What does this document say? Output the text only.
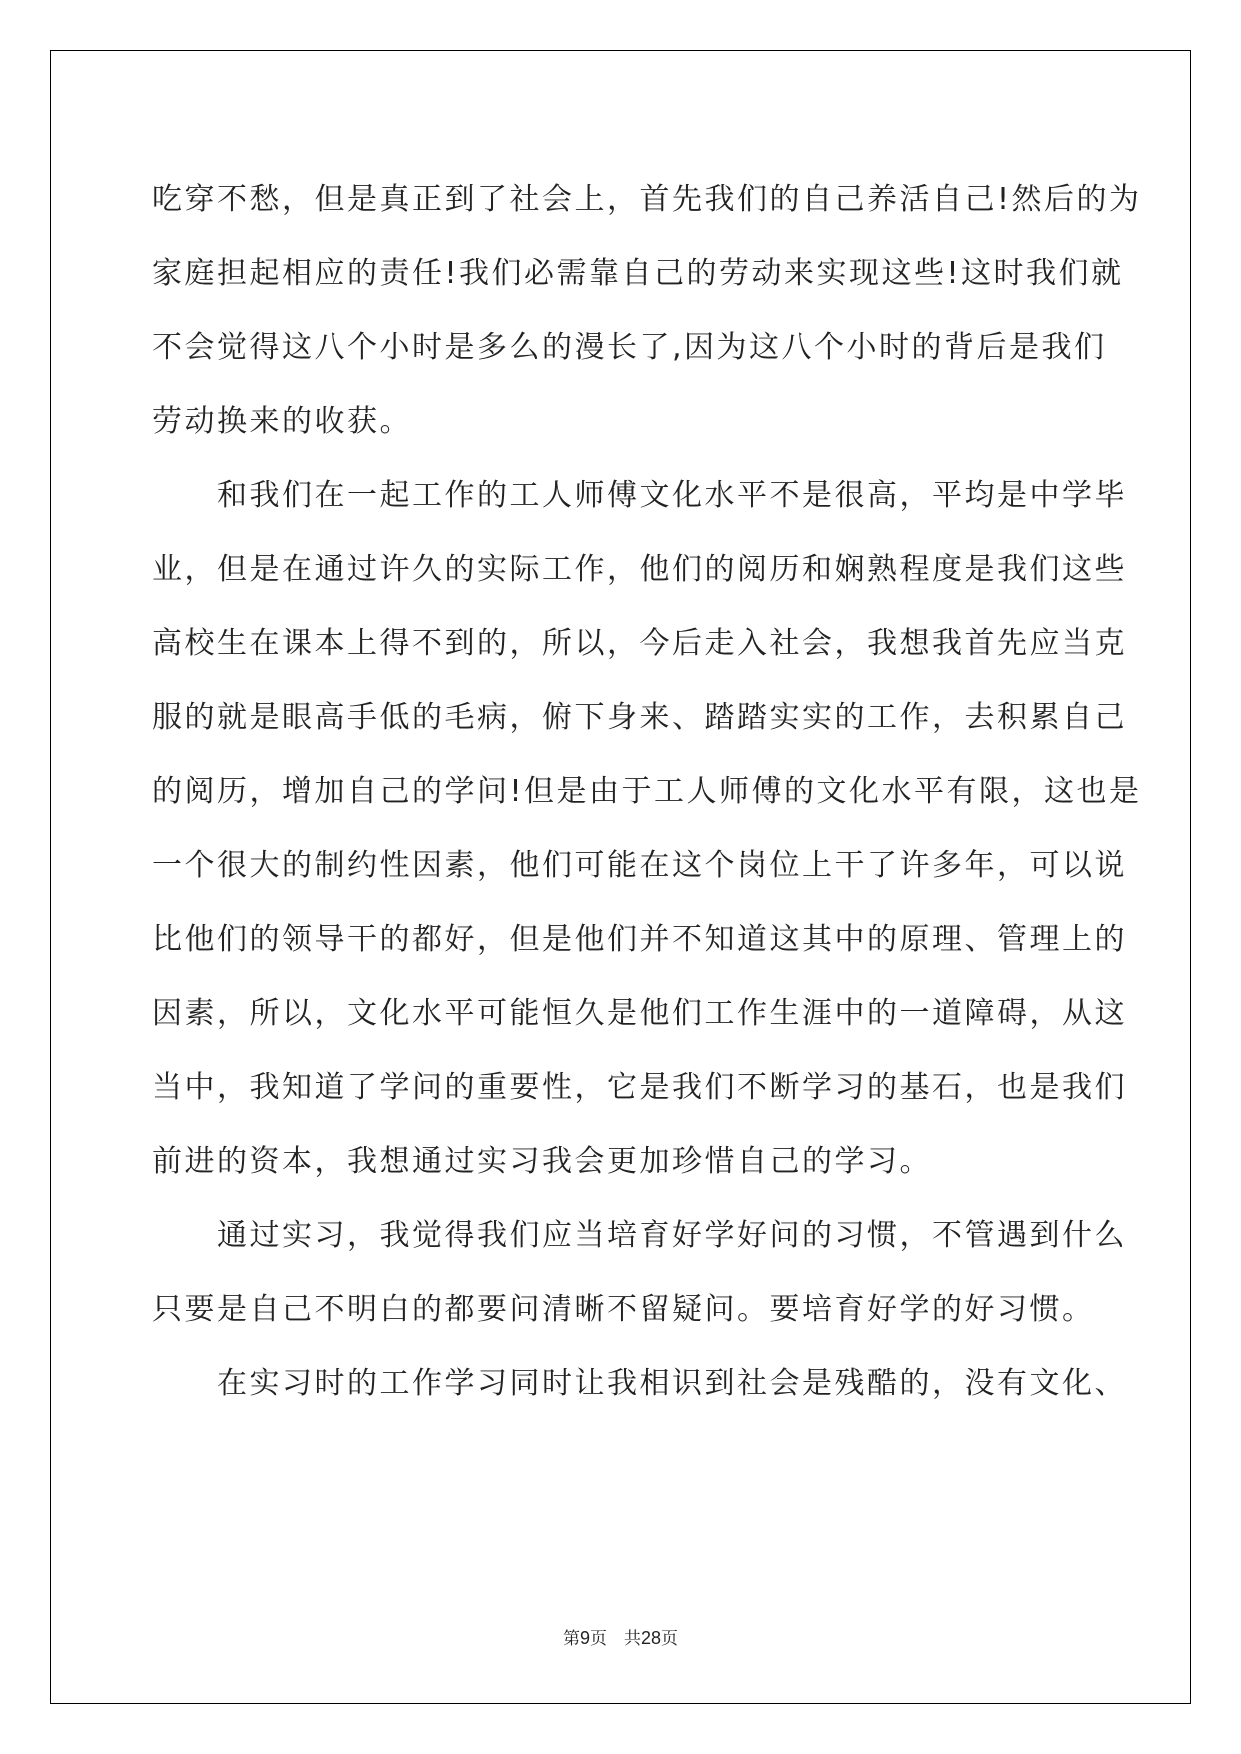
吃穿不愁，但是真正到了社会上，首先我们的自己养活自己!然后的为

家庭担起相应的责任!我们必需靠自己的劳动来实现这些!这时我们就

不会觉得这八个小时是多么的漫长了,因为这八个小时的背后是我们

劳动换来的收获。

　　和我们在一起工作的工人师傅文化水平不是很高，平均是中学毕

业，但是在通过许久的实际工作，他们的阅历和娴熟程度是我们这些

高校生在课本上得不到的，所以，今后走入社会，我想我首先应当克

服的就是眼高手低的毛病，俯下身来、踏踏实实的工作，去积累自己

的阅历，增加自己的学问!但是由于工人师傅的文化水平有限，这也是

一个很大的制约性因素，他们可能在这个岗位上干了许多年，可以说

比他们的领导干的都好，但是他们并不知道这其中的原理、管理上的

因素，所以，文化水平可能恒久是他们工作生涯中的一道障碍，从这

当中，我知道了学问的重要性，它是我们不断学习的基石，也是我们

前进的资本，我想通过实习我会更加珍惜自己的学习。

　　通过实习，我觉得我们应当培育好学好问的习惯，不管遇到什么

只要是自己不明白的都要问清晰不留疑问。要培育好学的好习惯。

　　在实习时的工作学习同时让我相识到社会是残酷的，没有文化、

第9页  共28页
